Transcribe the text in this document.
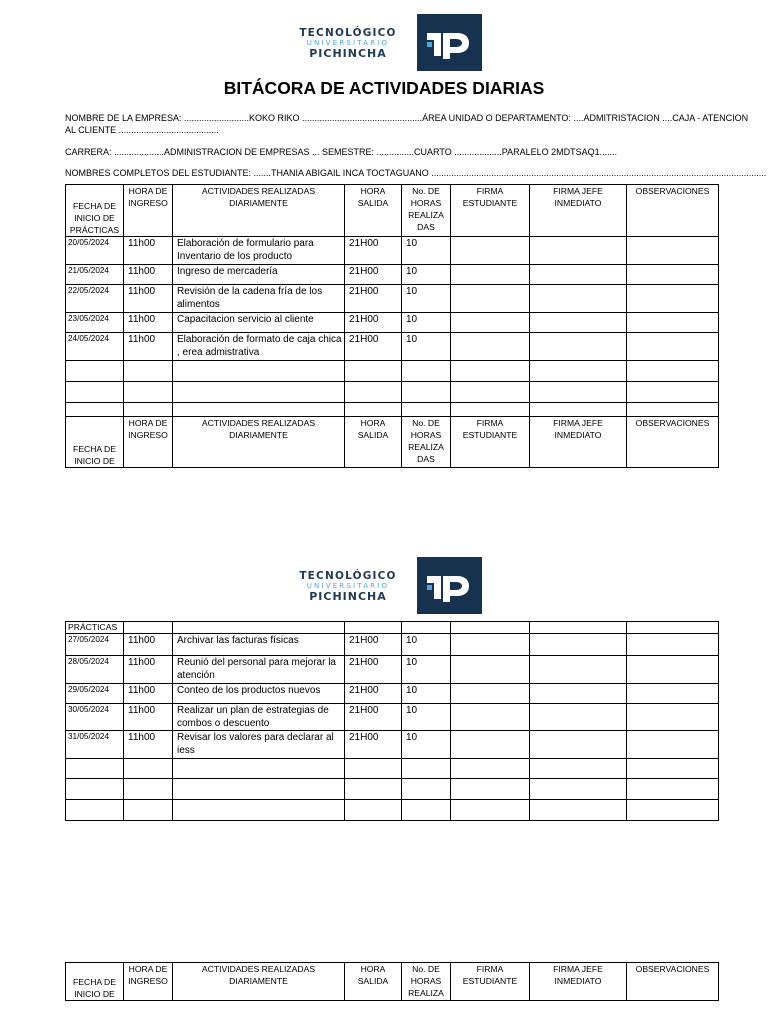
TECNOLÓGICO
UNIVERSITARIO
PICHINCHA
BITÁCORA DE ACTIVIDADES DIARIAS
NOMBRE DE LA EMPRESA: ..........................KOKO RIKO ................................................ÁREA UNIDAD O DEPARTAMENTO: ....ADMITRISTACION ....CAJA - ATENCION
AL CLIENTE ........................................
CARRERA: ....................ADMINISTRACION DE EMPRESAS ... SEMESTRE: ...............CUARTO ...................PARALELO 2MDTSAQ1.......
NOMBRES COMPLETOS DEL ESTUDIANTE: .......THANIA ABIGAIL INCA TOCTAGUANO ......................................................................................................................................
FECHA DE INICIO DE PRÁCTICAS	HORA DE INGRESO	ACTIVIDADES REALIZADAS DIARIAMENTE	HORA SALIDA	No. DE HORAS REALIZA DAS	FIRMA ESTUDIANTE	FIRMA JEFE INMEDIATO	OBSERVACIONES
20/05/2024	11h00	Elaboración de formulario para Inventario de los producto	21H00	10			
21/05/2024	11h00	Ingreso de mercadería	21H00	10			
22/05/2024	11h00	Revisión de la cadena fría de los alimentos	21H00	10			
23/05/2024	11h00	Capacitacion servicio al cliente	21H00	10			
24/05/2024	11h00	Elaboración de formato de caja chica , erea admistrativa	21H00	10			

FECHA DE INICIO DE	HORA DE INGRESO	ACTIVIDADES REALIZADAS DIARIAMENTE	HORA SALIDA	No. DE HORAS REALIZA DAS	FIRMA ESTUDIANTE	FIRMA JEFE INMEDIATO	OBSERVACIONES
TECNOLÓGICO
UNIVERSITARIO
PICHINCHA
PRÁCTICAS							
27/05/2024	11h00	Archivar las facturas físicas	21H00	10			
28/05/2024	11h00	Reunió del personal para mejorar la atención	21H00	10			
29/05/2024	11h00	Conteo de los productos nuevos	21H00	10			
30/05/2024	11h00	Realizar un plan de estrategias de combos o descuento	21H00	10			
31/05/2024	11h00	Revisar los valores para declarar al iess	21H00	10			

FECHA DE INICIO DE	HORA DE INGRESO	ACTIVIDADES REALIZADAS DIARIAMENTE	HORA SALIDA	No. DE HORAS REALIZA	FIRMA ESTUDIANTE	FIRMA JEFE INMEDIATO	OBSERVACIONES
